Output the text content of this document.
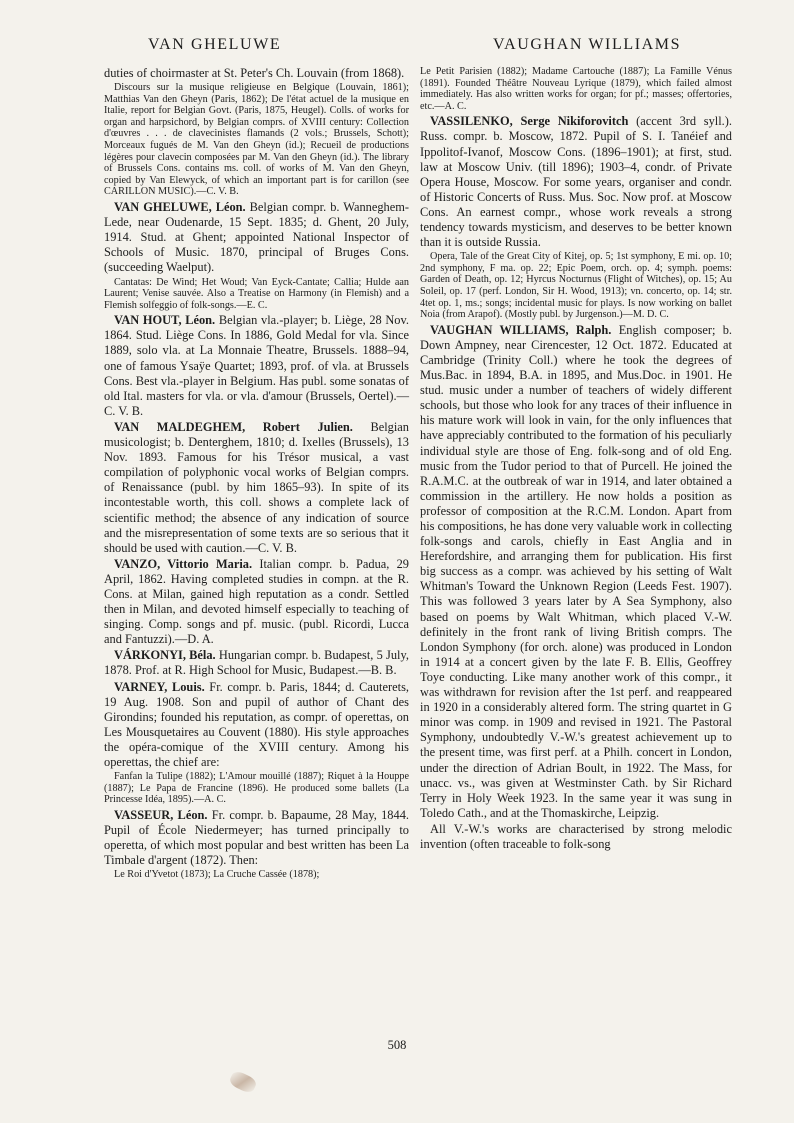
VAN GHELUWE	VAUGHAN WILLIAMS

duties of choirmaster at St. Peter's Ch. Louvain (from 1868).

Discours sur la musique religieuse en Belgique (Louvain, 1861); Matthias Van den Gheyn (Paris, 1862); De l'état actuel de la musique en Italie, report for Belgian Govt. (Paris, 1875, Heugel). Colls. of works for organ and harpsichord, by Belgian comprs. of XVIII century: Collection d'œuvres . . . de clavecinistes flamands (2 vols.; Brussels, Schott); Morceaux fugués de M. Van den Gheyn (id.); Recueil de productions légères pour clavecin composées par M. Van den Gheyn (id.). The library of Brussels Cons. contains ms. coll. of works of M. Van den Gheyn, copied by Van Elewyck, of which an important part is for carillon (see CARILLON MUSIC).—C. V. B.

VAN GHELUWE, Léon. Belgian compr. b. Wanneghem-Lede, near Oudenarde, 15 Sept. 1835; d. Ghent, 20 July, 1914. Stud. at Ghent; appointed National Inspector of Schools of Music. 1870, principal of Bruges Cons. (succeeding Waelput).

Cantatas: De Wind; Het Woud; Van Eyck-Cantate; Callia; Hulde aan Laurent; Venise sauvée. Also a Treatise on Harmony (in Flemish) and a Flemish solfeggio of folk-songs.—E. C.

VAN HOUT, Léon. Belgian vla.-player; b. Liège, 28 Nov. 1864. Stud. Liège Cons. In 1886, Gold Medal for vla. Since 1889, solo vla. at La Monnaie Theatre, Brussels. 1888–94, one of famous Ysaÿe Quartet; 1893, prof. of vla. at Brussels Cons. Best vla.-player in Belgium. Has publ. some sonatas of old Ital. masters for vla. or vla. d'amour (Brussels, Oertel).—C. V. B.

VAN MALDEGHEM, Robert Julien. Belgian musicologist; b. Denterghem, 1810; d. Ixelles (Brussels), 13 Nov. 1893. Famous for his Trésor musical, a vast compilation of polyphonic vocal works of Belgian comprs. of Renaissance (publ. by him 1865–93). In spite of its incontestable worth, this coll. shows a complete lack of scientific method; the absence of any indication of source and the misrepresentation of some texts are so serious that it should be used with caution.—C. V. B.

VANZO, Vittorio Maria. Italian compr. b. Padua, 29 April, 1862. Having completed studies in compn. at the R. Cons. at Milan, gained high reputation as a condr. Settled then in Milan, and devoted himself especially to teaching of singing. Comp. songs and pf. music. (publ. Ricordi, Lucca and Fantuzzi).—D. A.

VÁRKONYI, Béla. Hungarian compr. b. Budapest, 5 July, 1878. Prof. at R. High School for Music, Budapest.—B. B.

VARNEY, Louis. Fr. compr. b. Paris, 1844; d. Cauterets, 19 Aug. 1908. Son and pupil of author of Chant des Girondins; founded his reputation, as compr. of operettas, on Les Mousquetaires au Couvent (1880). His style approaches the opéra-comique of the XVIII century. Among his operettas, the chief are:

Fanfan la Tulipe (1882); L'Amour mouillé (1887); Riquet à la Houppe (1887); Le Papa de Francine (1896). He produced some ballets (La Princesse Idéa, 1895).—A. C.

VASSEUR, Léon. Fr. compr. b. Bapaume, 28 May, 1844. Pupil of École Niedermeyer; has turned principally to operetta, of which most popular and best written has been La Timbale d'argent (1872). Then:

Le Roi d'Yvetot (1873); La Cruche Cassée (1878);

Le Petit Parisien (1882); Madame Cartouche (1887); La Famille Vénus (1891). Founded Théâtre Nouveau Lyrique (1879), which failed almost immediately. Has also written works for organ; for pf.; masses; offertories, etc.—A. C.

VASSILENKO, Serge Nikiforovitch (accent 3rd syll.). Russ. compr. b. Moscow, 1872. Pupil of S. I. Tanéief and Ippolitof-Ivanof, Moscow Cons. (1896–1901); at first, stud. law at Moscow Univ. (till 1896); 1903–4, condr. of Private Opera House, Moscow. For some years, organiser and condr. of Historic Concerts of Russ. Mus. Soc. Now prof. at Moscow Cons. An earnest compr., whose work reveals a strong tendency towards mysticism, and deserves to be better known than it is outside Russia.

Opera, Tale of the Great City of Kitej, op. 5; 1st symphony, E mi. op. 10; 2nd symphony, F ma. op. 22; Epic Poem, orch. op. 4; symph. poems: Garden of Death, op. 12; Hyrcus Nocturnus (Flight of Witches), op. 15; Au Soleil, op. 17 (perf. London, Sir H. Wood, 1913); vn. concerto, op. 14; str. 4tet op. 1, ms.; songs; incidental music for plays. Is now working on ballet Noia (from Arapof). (Mostly publ. by Jurgenson.)—M. D. C.

VAUGHAN WILLIAMS, Ralph. English composer; b. Down Ampney, near Cirencester, 12 Oct. 1872. Educated at Cambridge (Trinity Coll.) where he took the degrees of Mus.Bac. in 1894, B.A. in 1895, and Mus.Doc. in 1901. He stud. music under a number of teachers of widely different schools, but those who look for any traces of their influence in his mature work will look in vain, for the only influences that have appreciably contributed to the formation of his peculiarly individual style are those of Eng. folk-song and of old Eng. music from the Tudor period to that of Purcell. He joined the R.A.M.C. at the outbreak of war in 1914, and later obtained a commission in the artillery. He now holds a position as professor of composition at the R.C.M. London. Apart from his compositions, he has done very valuable work in collecting folk-songs and carols, chiefly in East Anglia and in Herefordshire, and arranging them for publication. His first big success as a compr. was achieved by his setting of Walt Whitman's Toward the Unknown Region (Leeds Fest. 1907). This was followed 3 years later by A Sea Symphony, also based on poems by Walt Whitman, which placed V.-W. definitely in the front rank of living British comprs. The London Symphony (for orch. alone) was produced in London in 1914 at a concert given by the late F. B. Ellis, Geoffrey Toye conducting. Like many another work of this compr., it was withdrawn for revision after the 1st perf. and reappeared in 1920 in a considerably altered form. The string quartet in G minor was comp. in 1909 and revised in 1921. The Pastoral Symphony, undoubtedly V.-W.'s greatest achievement up to the present time, was first perf. at a Philh. concert in London, under the direction of Adrian Boult, in 1922. The Mass, for unacc. vs., was given at Westminster Cath. by Sir Richard Terry in Holy Week 1923. In the same year it was sung in Toledo Cath., and at the Thomaskirche, Leipzig.

All V.-W.'s works are characterised by strong melodic invention (often traceable to folk-song

508
